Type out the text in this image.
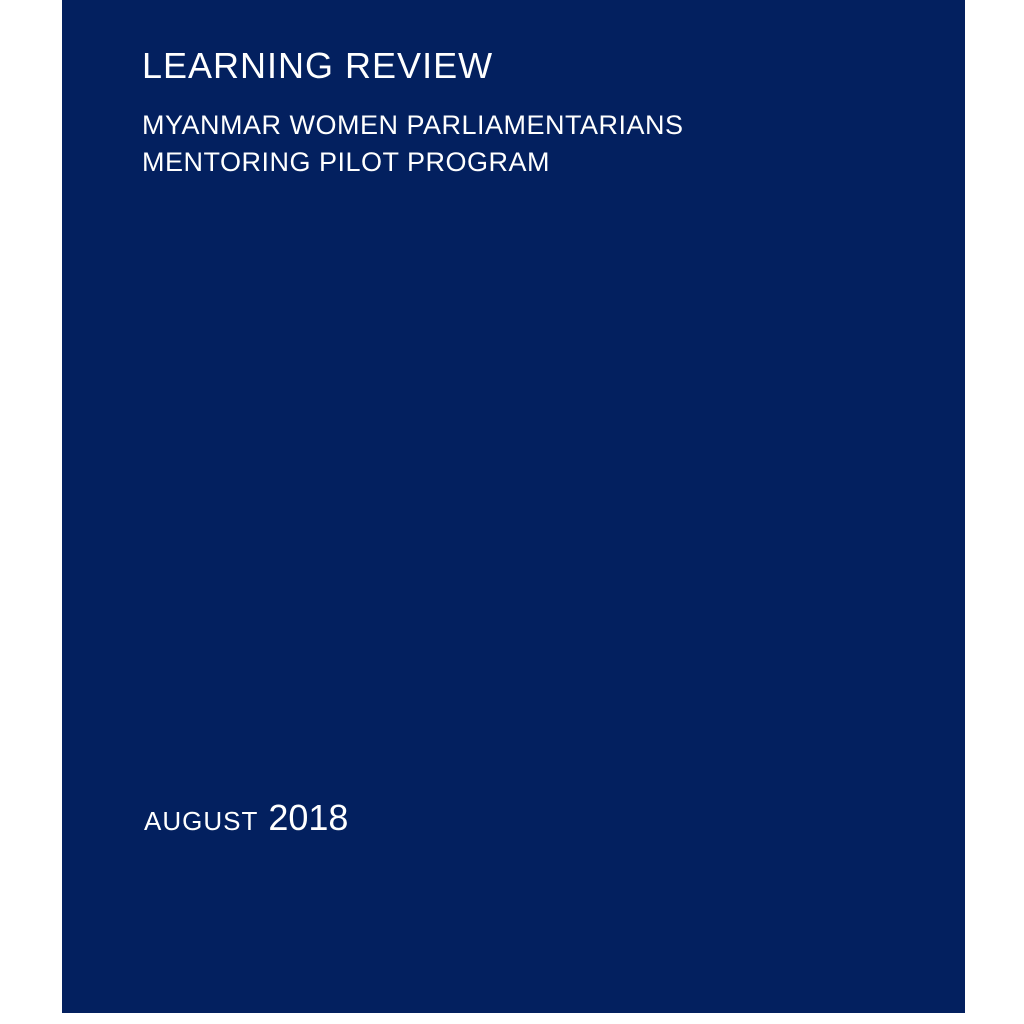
LEARNING REVIEW
MYANMAR WOMEN PARLIAMENTARIANS
MENTORING PILOT PROGRAM
AUGUST 2018
